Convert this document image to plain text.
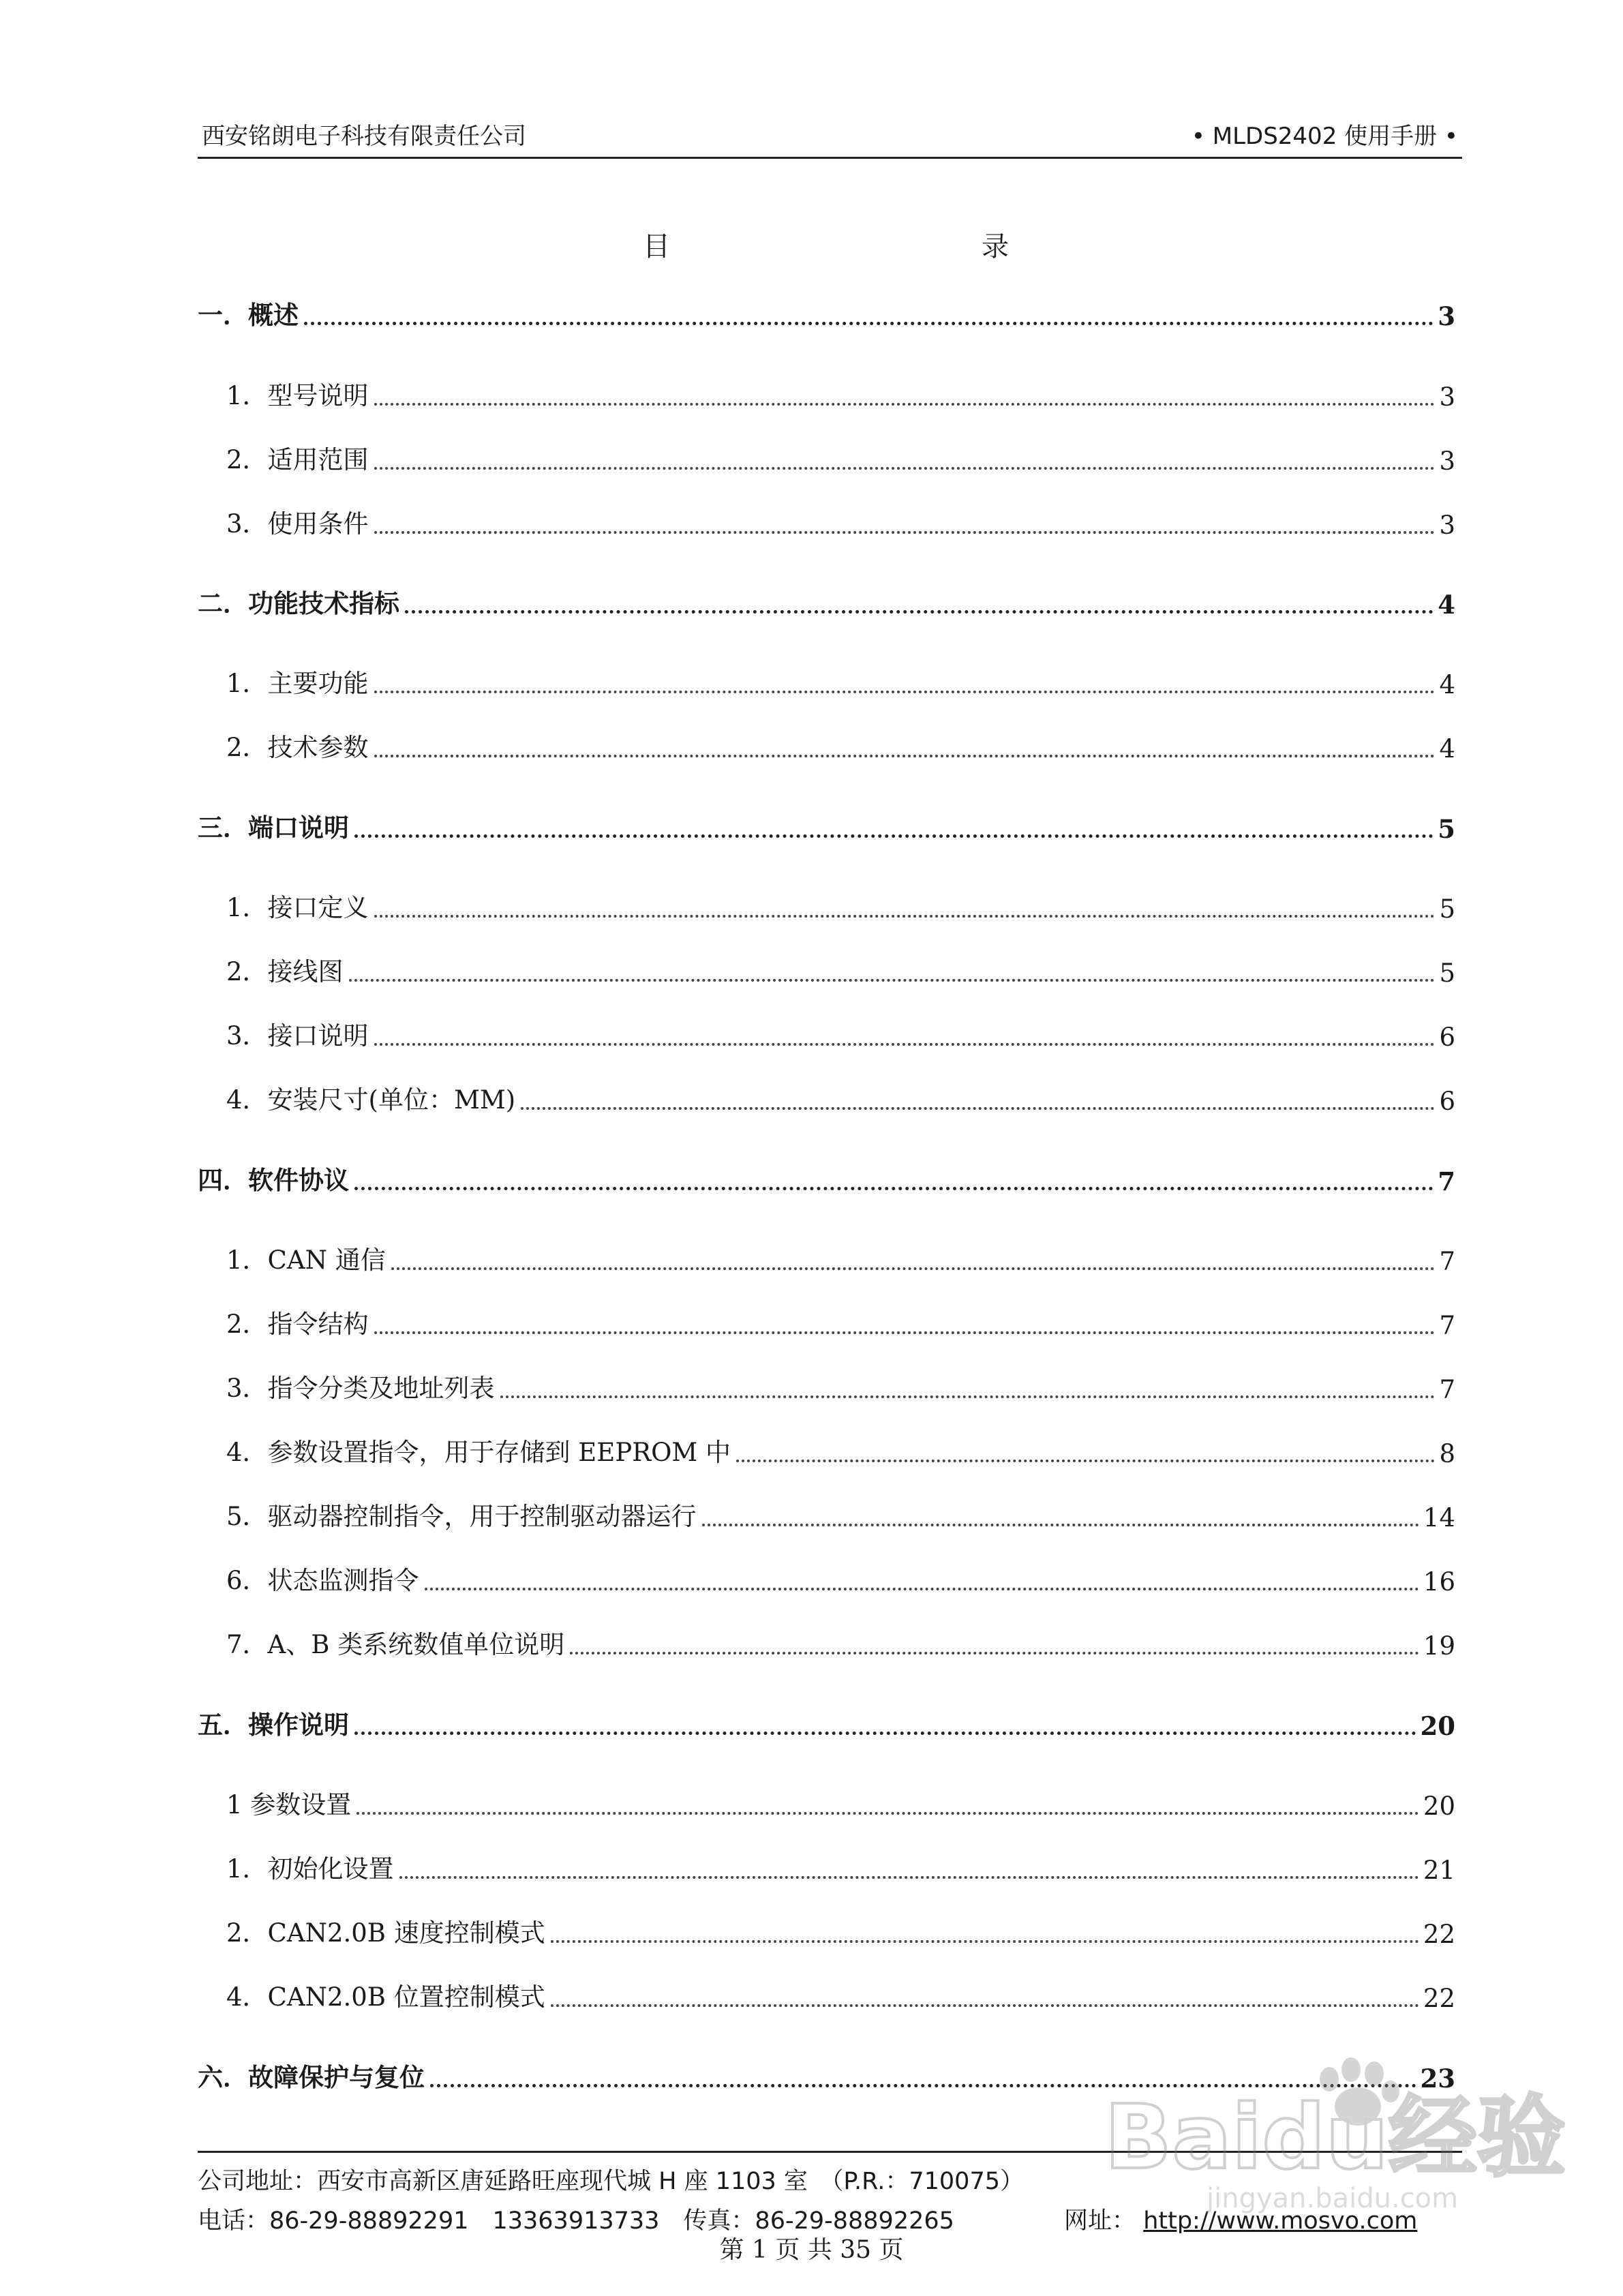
西安铭朗电子科技有限责任公司	• MLDS2402 使用手册 •
目	录
一．概述	3
1．型号说明	3
2．适用范围	3
3．使用条件	3
二．功能技术指标	4
1．主要功能	4
2．技术参数	4
三．端口说明	5
1．接口定义	5
2．接线图	5
3．接口说明	6
4．安装尺寸(单位：MM)	6
四．软件协议	7
1．CAN 通信	7
2．指令结构	7
3．指令分类及地址列表	7
4．参数设置指令，用于存储到 EEPROM 中	8
5．驱动器控制指令，用于控制驱动器运行	14
6．状态监测指令	16
7．A、B 类系统数值单位说明	19
五．操作说明	20
1 参数设置	20
1．初始化设置	21
2．CAN2.0B 速度控制模式	22
4．CAN2.0B 位置控制模式	22
六．故障保护与复位	23
公司地址：西安市高新区唐延路旺座现代城 H 座 1103 室　（P.R.：710075）
电话：86-29-88892291　13363913733　传真：86-29-88892265	网址： http://www.mosvo.com
第 1 页 共 35 页
Baidu经验
jingyan.baidu.com
